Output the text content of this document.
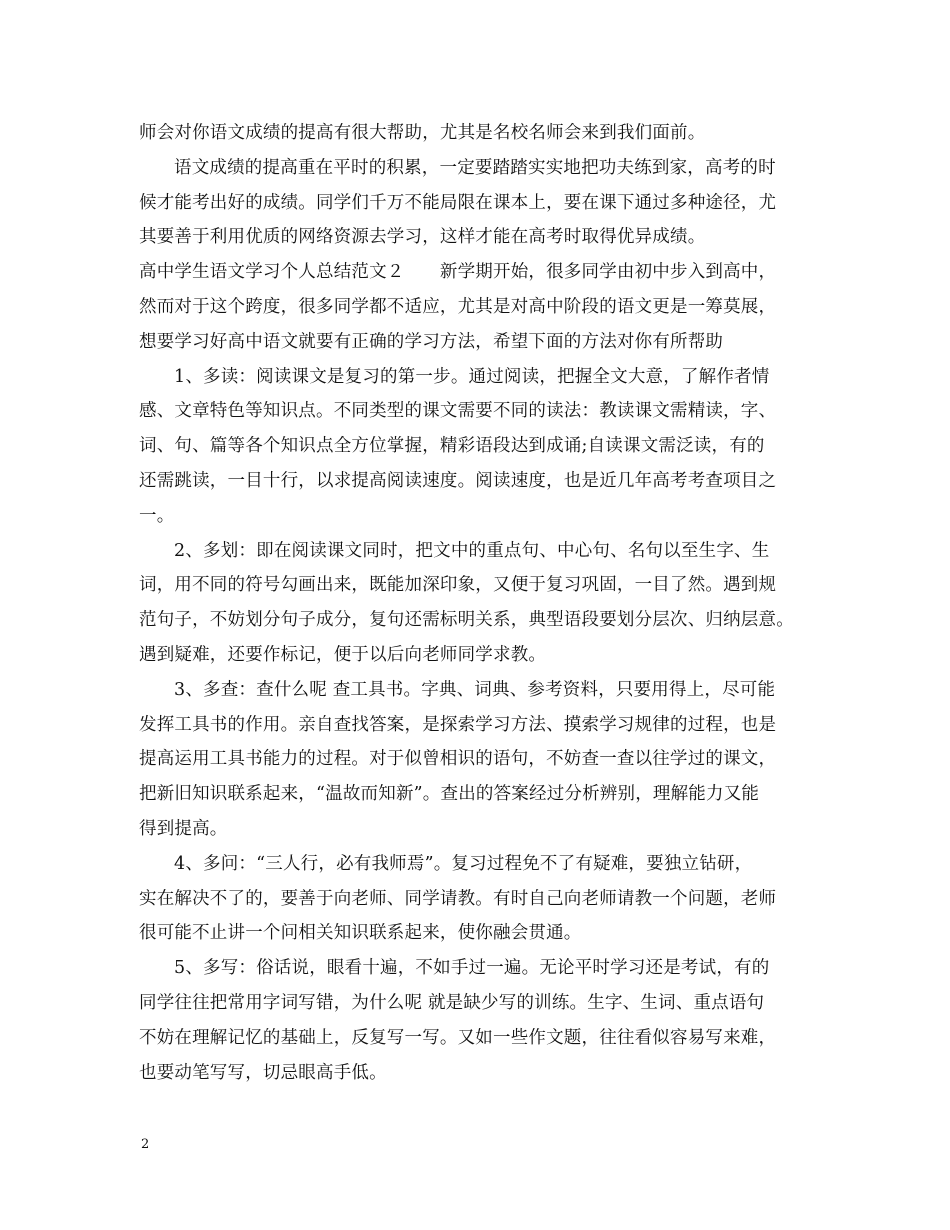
师会对你语文成绩的提高有很大帮助，尤其是名校名师会来到我们面前。
语文成绩的提高重在平时的积累，一定要踏踏实实地把功夫练到家，高考的时
候才能考出好的成绩。同学们千万不能局限在课本上，要在课下通过多种途径，尤
其要善于利用优质的网络资源去学习，这样才能在高考时取得优异成绩。
高中学生语文学习个人总结范文２　　新学期开始，很多同学由初中步入到高中，
然而对于这个跨度，很多同学都不适应，尤其是对高中阶段的语文更是一筹莫展，
想要学习好高中语文就要有正确的学习方法，希望下面的方法对你有所帮助
1、多读：阅读课文是复习的第一步。通过阅读，把握全文大意，了解作者情
感、文章特色等知识点。不同类型的课文需要不同的读法：教读课文需精读，字、
词、句、篇等各个知识点全方位掌握，精彩语段达到成诵;自读课文需泛读，有的
还需跳读，一目十行，以求提高阅读速度。阅读速度，也是近几年高考考查项目之
一。
2、多划：即在阅读课文同时，把文中的重点句、中心句、名句以至生字、生
词，用不同的符号勾画出来，既能加深印象，又便于复习巩固，一目了然。遇到规
范句子，不妨划分句子成分，复句还需标明关系，典型语段要划分层次、归纳层意。
遇到疑难，还要作标记，便于以后向老师同学求教。
3、多查：查什么呢 查工具书。字典、词典、参考资料，只要用得上，尽可能
发挥工具书的作用。亲自查找答案，是探索学习方法、摸索学习规律的过程，也是
提高运用工具书能力的过程。对于似曾相识的语句，不妨查一查以往学过的课文，
把新旧知识联系起来，“温故而知新”。查出的答案经过分析辨别，理解能力又能
得到提高。
4、多问：“三人行，必有我师焉”。复习过程免不了有疑难，要独立钻研，
实在解决不了的，要善于向老师、同学请教。有时自己向老师请教一个问题，老师
很可能不止讲一个问相关知识联系起来，使你融会贯通。
5、多写：俗话说，眼看十遍，不如手过一遍。无论平时学习还是考试，有的
同学往往把常用字词写错，为什么呢 就是缺少写的训练。生字、生词、重点语句
不妨在理解记忆的基础上，反复写一写。又如一些作文题，往往看似容易写来难，
也要动笔写写，切忌眼高手低。
2
